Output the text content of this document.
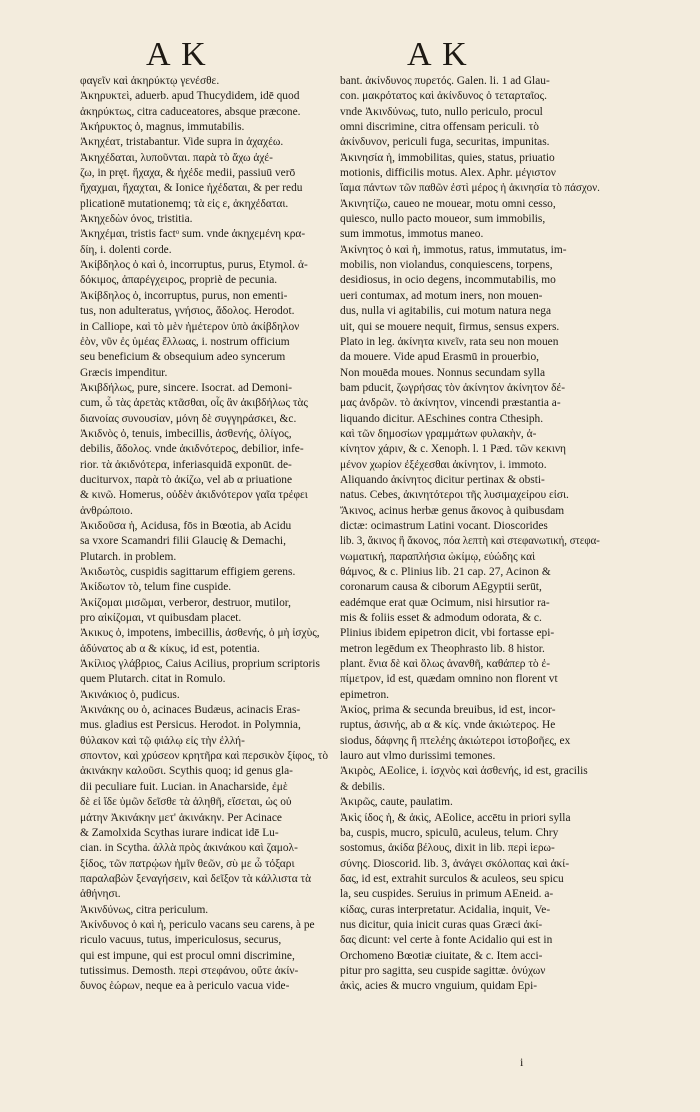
A K	A K
φαγεῖν καὶ ἀκηρύκτῳ γενέσθε.
Ἀκηρυκτεὶ, aduerb. apud Thucydidem, idē quod
ἀκηρύκτως, citra caduceatores, absque præcone.
Ἀκήρυκτος ὁ, magnus, immutabilis.
Ἀκηχέατ, tristabantur. Vide supra in ἀχαχέω.
Ἀκηχέδαται, λυποῦνται. παρὰ τὸ ἄχω ἀχέ-
ζω, in pręt. ἤχαχα, & ἠχέδε medii, passiuū verō
ἤχαχμαι, ἤχαχται, & Ionice ἠχέδαται, & per redu
plicationē mutationemq; τὰ εἰς ε, ἀκηχέδαται.
Ἀκηχεδὼν όνος, tristitia.
Ἀκηχέμαι, tristis factᵒ sum. vnde ἀκηχεμένη κρα-
δίη, i. dolenti corde.
Ἀκίβδηλος ὁ καὶ ὁ, incorruptus, purus, Etymol. ἀ-
δόκιμος, ἀπαρέγχειρος, propriè de pecunia.
Ἀκίβδηλος ὁ, incorruptus, purus, non ementi-
tus, non adulteratus, γνήσιος, ἄδολος. Herodot.
in Calliope, καὶ τὸ μὲν ἡμέτερον ὑπὸ ἀκίβδηλον
ἐὸν, νῦν ἐς ὑμέας ἔλλωας, i. nostrum officium
seu beneficium & obsequium adeo syncerum
Græcis impenditur.
Ἀκιβδήλως, pure, sincere. Isocrat. ad Demoni-
cum, ὧ τὰς ἀρετὰς κτᾶσθαι, οἷς ἂν ἀκιβδήλως τὰς
διανοίας συνουσίαν, μόνη δὲ συγγηράσκει, &c.
Ἀκιδνὸς ὁ, tenuis, imbecillis, ἀσθενής, ὀλίγος,
debilis, ἄδολος. vnde ἀκιδνότερος, debilior, infe-
rior. τὰ ἀκιδνότερα, inferiasquidā exponūt. de-
duciturvox, παρὰ τὸ ἀκίζω, vel ab α priuatione
& κινῶ. Homerus, οὐδὲν ἀκιδνότερον γαῖα τρέφει
ἀνθρώποιο.
Ἀκιδοῦσα ἡ, Acidusa, fōs in Bœotia, ab Acidu
sa vxore Scamandri filii Glaucię & Demachi,
Plutarch. in problem.
Ἀκιδωτὸς, cuspidis sagittarum effigiem gerens.
Ἀκίδωτον τὸ, telum fine cuspide.
Ἀκίζομαι μισῶμαι, verberor, destruor, mutilor,
pro αἰκίζομαι, vt quibusdam placet.
Ἀκικυς ὁ, impotens, imbecillis, ἀσθενής, ὁ μὴ ἰσχὺς,
ἀδύνατος ab α & κίκυς, id est, potentia.
Ἀκίλιος γλάβριος, Caius Acilius, proprium scriptoris
quem Plutarch. citat in Romulo.
Ἀκινάκιος ὁ, pudicus.
Ἀκινάκης ου ὁ, acinaces Budæus, acinacis Eras-
mus. gladius est Persicus. Herodot. in Polymnia,
θύλακον καὶ τῷ φιάλῳ εἰς τὴν ἐλλή-
σποντον, καὶ χρύσεον κρητῆρα καὶ περσικὸν ξίφος, τὸ
ἀκινάκην καλοῦσι. Scythis quoq; id genus gla-
dii peculiare fuit. Lucian. in Anacharside, ἐμὲ
δὲ εἰ ἴδε ὑμῶν δεῖσθε τὰ ἀληθῆ, εἴσεται, ὡς οὐ
μάτην Ἀκινάκην μετ' ἀκινάκην. Per Acinace
& Zamolxida Scythas iurare indicat idē Lu-
cian. in Scytha. ἀλλὰ πρὸς ἀκινάκου καὶ ζαμολ-
ξίδος, τῶν πατρῴων ἡμῖν θεῶν, σὺ με ὦ τόξαρι
παραλαβὼν ξεναγήσειν, καὶ δεῖξον τὰ κάλλιστα τὰ
ἀθήνησι.
Ἀκινδύνως, citra periculum.
Ἀκίνδυνος ὁ καὶ ἡ, periculo vacans seu carens, à pe
riculo vacuus, tutus, impericulosus, securus,
qui est impune, qui est procul omni discrimine,
tutissimus. Demosth. περὶ στεφάνου, οὔτε ἀκίν-
δυνος ἑώρων, neque ea à periculo vacua vide-
bant. ἀκίνδυνος πυρετός. Galen. li. 1 ad Glau-
con. μακρότατος καὶ ἀκίνδυνος ὁ τεταρταῖος.
vnde Ἀκινδύνως, tuto, nullo periculo, procul
omni discrimine, citra offensam periculi. τὸ
ἀκίνδυνον, periculi fuga, securitas, impunitas.
Ἀκινησία ἡ, immobilitas, quies, status, priuatio
motionis, difficilis motus. Alex. Aphr. μέγιστον
ἴαμα πάντων τῶν παθῶν ἐστὶ μέρος ἡ ἀκινησία τὸ πάσχον.
Ἀκινητίζω, caueo ne mouear, motu omni cesso,
quiesco, nullo pacto moueor, sum immobilis,
sum immotus, immotus maneo.
Ἀκίνητος ὁ καὶ ἡ, immotus, ratus, immutatus, im-
mobilis, non violandus, conquiescens, torpens,
desidiosus, in ocio degens, incommutabilis, mo
ueri contumax, ad motum iners, non mouen-
dus, nulla vi agitabilis, cui motum natura nega
uit, qui se mouere nequit, firmus, sensus expers.
Plato in leg. ἀκίνητα κινεῖν, rata seu non mouen
da mouere. Vide apud Erasmū in prouerbio,
Non mouēda moues. Nonnus secundam sylla
bam pducit, ζωγρήσας τὸν ἀκίνητον ἀκίνητον δέ-
μας ἀνδρῶν. τὸ ἀκίνητον, vincendi præstantia a-
liquando dicitur. AEschines contra Cthesiph.
καὶ τῶν δημοσίων γραμμάτων φυλακὴν, ἀ-
κίνητον χάριν, & c. Xenoph. l. 1 Pæd. τῶν κεκινη
μένον χωρίον ἐξέχεσθαι ἀκίνητον, i. immoto.
Aliquando ἀκίνητος dicitur pertinax & obsti-
natus. Cebes, ἀκινητότεροι τῆς λυσιμαχείρου εἰσι.
Ἄκινος, acinus herbæ genus ἄκονος à quibusdam
dictæ: ocimastrum Latini vocant. Dioscorides
lib. 3, ἄκινος ἢ ἄκονος, πόα λεπτὴ καὶ στεφανωτική, στεφα-
νωματική, παραπλήσια ὠκίμῳ, εὐώδης καὶ
θάμνος, & c. Plinius lib. 21 cap. 27, Acinon &
coronarum causa & ciborum AEgyptii serūt,
eadémque erat quæ Ocimum, nisi hirsutior ra-
mis & foliis esset & admodum odorata, & c.
Plinius ibidem epipetron dicit, vbi fortasse epi-
metron legēdum ex Theophrasto lib. 8 histor.
plant. ἔνια δὲ καὶ ὅλως ἀνανθῆ, καθάπερ τὸ ἐ-
πίμετρον, id est, quædam omnino non florent vt
epimetron.
Ἀκίος, prima & secunda breuibus, id est, incor-
ruptus, ἀσινής, ab α & κίς. vnde ἀκιώτερος. He
siodus, δάφνης ἢ πτελέης ἀκιώτεροι ἱστοβοῆες, ex
lauro aut vlmo durissimi temones.
Ἀκιρὸς, AEolice, i. ἰσχνὸς καὶ ἀσθενής, id est, gracilis
& debilis.
Ἀκιρῶς, caute, paulatim.
Ἀκὶς ίδος ἡ, & ἀκὶς, AEolice, accētu in priori sylla
ba, cuspis, mucro, spiculū, aculeus, telum. Chry
sostomus, ἀκίδα βέλους, dixit in lib. περὶ ἱερω-
σύνης. Dioscorid. lib. 3, ἀνάγει σκόλοπας καὶ ἀκί-
δας, id est, extrahit surculos & aculeos, seu spicu
la, seu cuspides. Seruius in primum AEneid. a-
κίδας, curas interpretatur. Acidalia, inquit, Ve-
nus dicitur, quia inicit curas quas Græci ἀκί-
δας dicunt: vel certe à fonte Acidalio qui est in
Orchomeno Bœotiæ ciuitate, & c. Item acci-
pitur pro sagitta, seu cuspide sagittæ. ὀνύχων
ἀκὶς, acies & mucro vnguium, quidam Epi-
i
